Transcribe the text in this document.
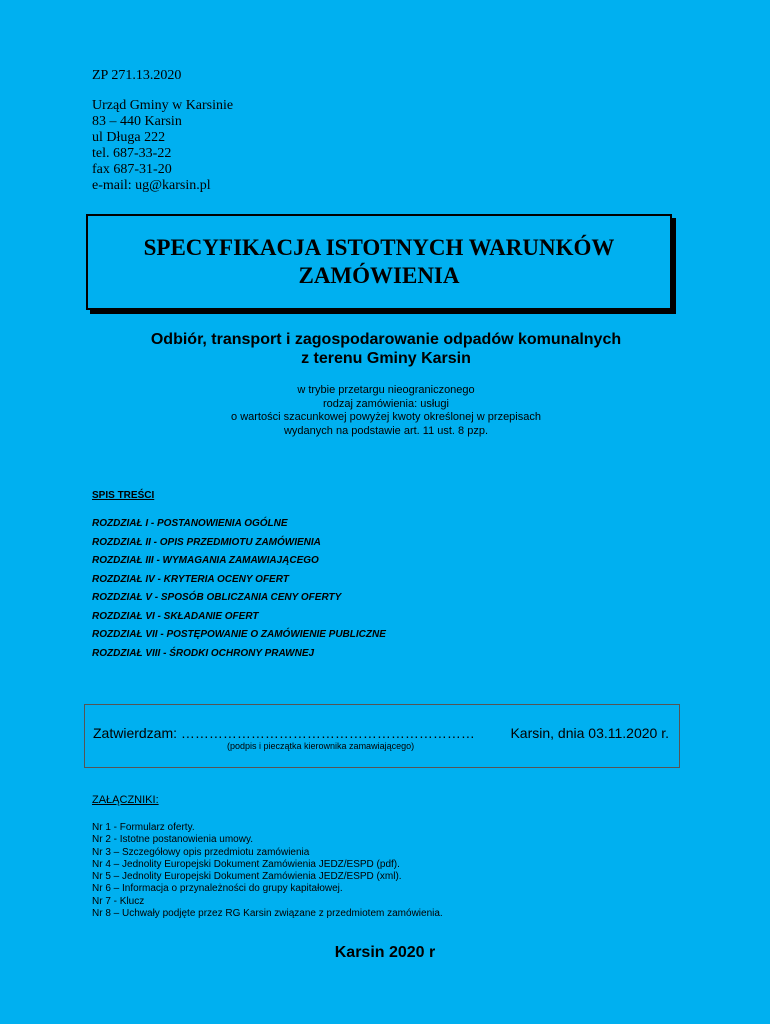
ZP 271.13.2020
Urząd Gminy w Karsinie
83 – 440 Karsin
ul Długa 222
tel. 687-33-22
fax 687-31-20
e-mail: ug@karsin.pl
SPECYFIKACJA ISTOTNYCH WARUNKÓW
ZAMÓWIENIA
Odbiór, transport i zagospodarowanie odpadów komunalnych
z terenu Gminy Karsin
w trybie przetargu nieograniczonego
rodzaj zamówienia: usługi
o wartości szacunkowej powyżej kwoty określonej w przepisach
wydanych na podstawie art. 11 ust. 8 pzp.
SPIS TREŚCI
ROZDZIAŁ I - POSTANOWIENIA OGÓLNE
ROZDZIAŁ II - OPIS PRZEDMIOTU ZAMÓWIENIA
ROZDZIAŁ III - WYMAGANIA ZAMAWIAJĄCEGO
ROZDZIAŁ IV - KRYTERIA OCENY OFERT
ROZDZIAŁ V - SPOSÓB OBLICZANIA CENY OFERTY
ROZDZIAŁ VI - SKŁADANIE OFERT
ROZDZIAŁ VII - POSTĘPOWANIE O ZAMÓWIENIE PUBLICZNE
ROZDZIAŁ VIII - ŚRODKI OCHRONY PRAWNEJ
Zatwierdzam: ………………………………………………………	Karsin, dnia 03.11.2020 r.
(podpis i pieczątka kierownika zamawiającego)
ZAŁĄCZNIKI:
Nr 1 - Formularz oferty.
Nr 2 - Istotne postanowienia umowy.
Nr 3 – Szczegółowy opis przedmiotu zamówienia
Nr 4 – Jednolity Europejski Dokument Zamówienia JEDZ/ESPD (pdf).
Nr 5 – Jednolity Europejski Dokument Zamówienia JEDZ/ESPD (xml).
Nr 6 – Informacja o przynależności do grupy kapitałowej.
Nr 7 - Klucz
Nr 8 – Uchwały podjęte przez RG Karsin związane z przedmiotem zamówienia.
Karsin 2020 r
